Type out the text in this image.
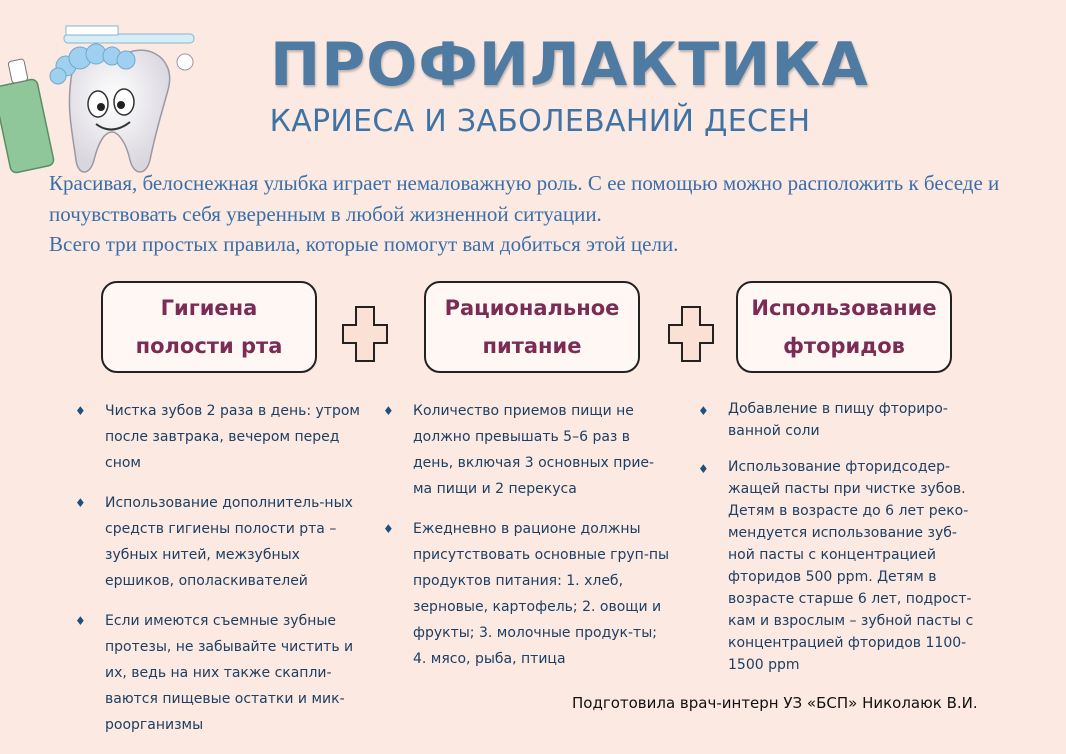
ПРОФИЛАКТИКА
КАРИЕСА И ЗАБОЛЕВАНИЙ ДЕСЕН

Красивая, белоснежная улыбка играет немаловажную роль. С ее помощью можно расположить к беседе и почувствовать себя уверенным в любой жизненной ситуации.

Всего три простых правила, которые помогут вам добиться этой цели.

Гигиена
полости рта
Рациональное
питание
Использование
фторидов
♦ Чистка зубов 2 раза в день: утром после завтрака, вечером перед сном
♦ Использование дополнитель-ных средств гигиены полости рта – зубных нитей, межзубных ершиков, ополаскивателей
♦ Если имеются съемные зубные протезы, не забывайте чистить и их, ведь на них также скапли-ваются пищевые остатки и мик-роорганизмы
♦ Количество приемов пищи не должно превышать 5–6 раз в день, включая 3 основных прие-ма пищи и 2 перекуса
♦ Ежедневно в рационе должны присутствовать основные груп-пы продуктов питания: 1. хлеб, зерновые, картофель; 2. овощи и фрукты; 3. молочные продук-ты; 4. мясо, рыба, птица
♦ Добавление в пищу фториро-ванной соли
♦ Использование фторидсодер-жащей пасты при чистке зубов. Детям в возрасте до 6 лет реко-мендуется использование зуб-ной пасты с концентрацией фторидов 500 ppm. Детям в возрасте старше 6 лет, подрост-кам и взрослым – зубной пасты с концентрацией фторидов 1100-1500 ppm
Подготовила врач-интерн УЗ «БСП» Николаюк В.И.
